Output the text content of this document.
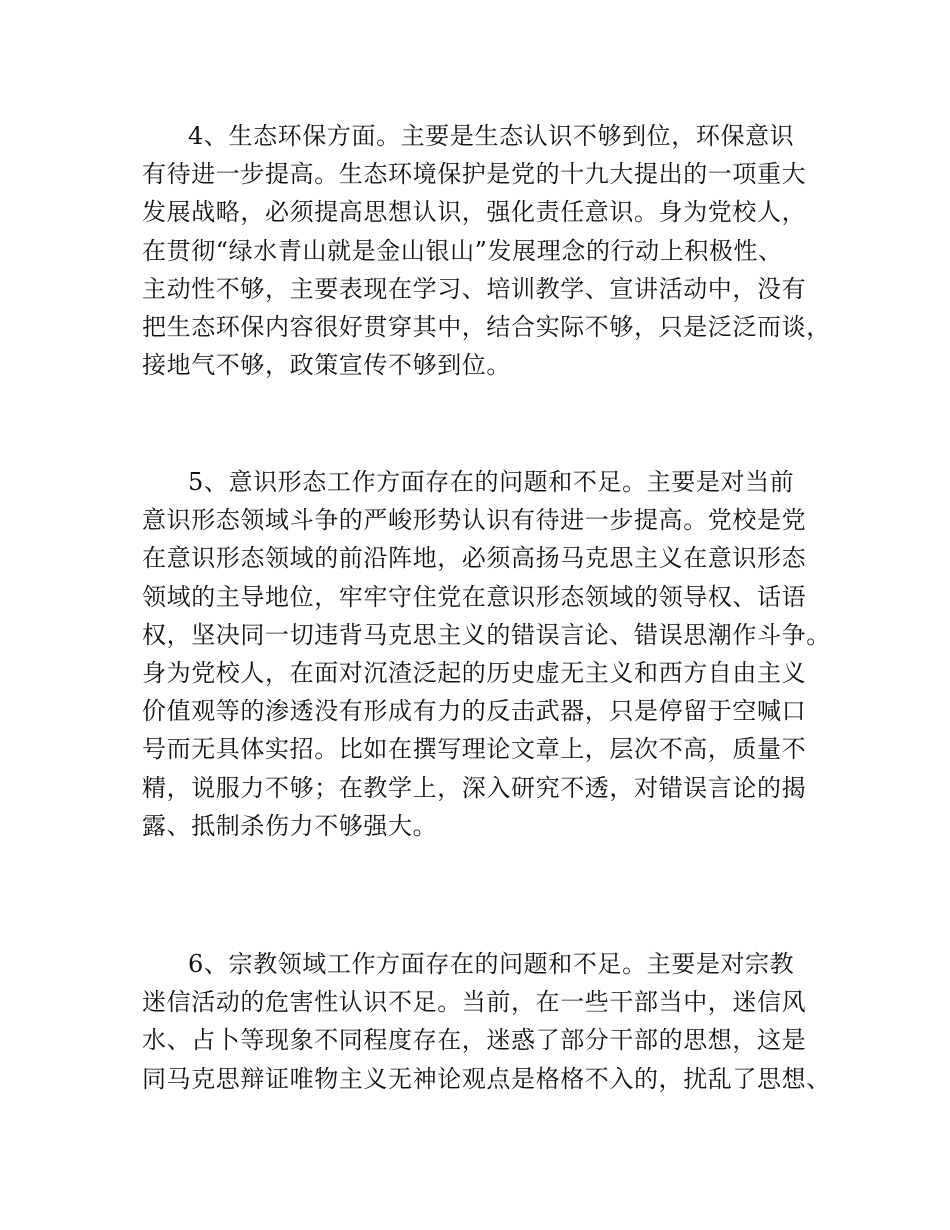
4、生态环保方面。主要是生态认识不够到位，环保意识
有待进一步提高。生态环境保护是党的十九大提出的一项重大
发展战略，必须提高思想认识，强化责任意识。身为党校人，
在贯彻“绿水青山就是金山银山”发展理念的行动上积极性、
主动性不够，主要表现在学习、培训教学、宣讲活动中，没有
把生态环保内容很好贯穿其中，结合实际不够，只是泛泛而谈，
接地气不够，政策宣传不够到位。
5、意识形态工作方面存在的问题和不足。主要是对当前
意识形态领域斗争的严峻形势认识有待进一步提高。党校是党
在意识形态领域的前沿阵地，必须高扬马克思主义在意识形态
领域的主导地位，牢牢守住党在意识形态领域的领导权、话语
权，坚决同一切违背马克思主义的错误言论、错误思潮作斗争。
身为党校人，在面对沉渣泛起的历史虚无主义和西方自由主义
价值观等的渗透没有形成有力的反击武器，只是停留于空喊口
号而无具体实招。比如在撰写理论文章上，层次不高，质量不
精，说服力不够；在教学上，深入研究不透，对错误言论的揭
露、抵制杀伤力不够强大。
6、宗教领域工作方面存在的问题和不足。主要是对宗教
迷信活动的危害性认识不足。当前，在一些干部当中，迷信风
水、占卜等现象不同程度存在，迷惑了部分干部的思想，这是
同马克思辩证唯物主义无神论观点是格格不入的，扰乱了思想、
